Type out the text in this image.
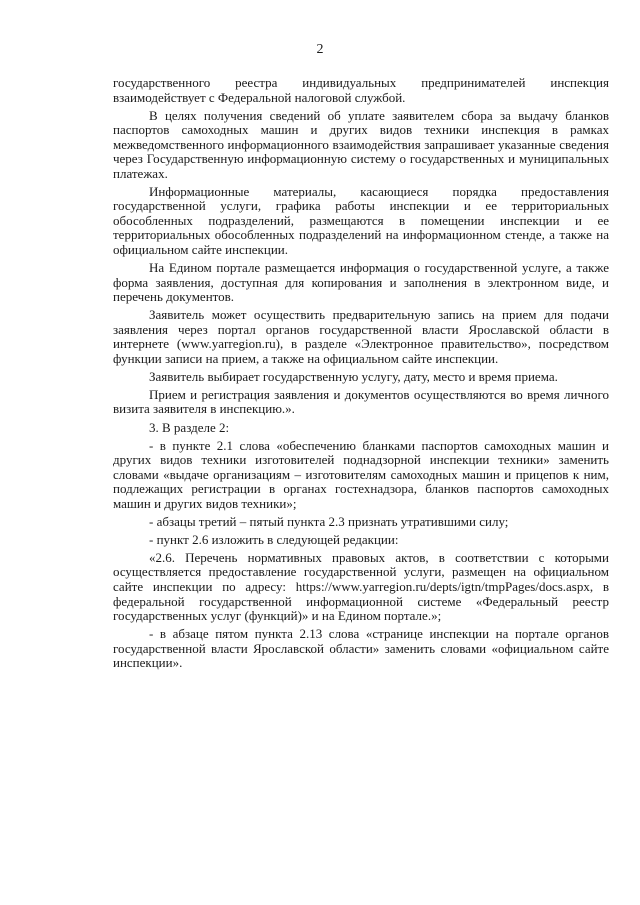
2

государственного реестра индивидуальных предпринимателей инспекция взаимодействует с Федеральной налоговой службой.

В целях получения сведений об уплате заявителем сбора за выдачу бланков паспортов самоходных машин и других видов техники инспекция в рамках межведомственного информационного взаимодействия запрашивает указанные сведения через Государственную информационную систему о государственных и муниципальных платежах.

Информационные материалы, касающиеся порядка предоставления государственной услуги, графика работы инспекции и ее территориальных обособленных подразделений, размещаются в помещении инспекции и ее территориальных обособленных подразделений на информационном стенде, а также на официальном сайте инспекции.

На Едином портале размещается информация о государственной услуге, а также форма заявления, доступная для копирования и заполнения в электронном виде, и перечень документов.

Заявитель может осуществить предварительную запись на прием для подачи заявления через портал органов государственной власти Ярославской области в интернете (www.yarregion.ru), в разделе «Электронное правительство», посредством функции записи на прием, а также на официальном сайте инспекции.

Заявитель выбирает государственную услугу, дату, место и время приема.

Прием и регистрация заявления и документов осуществляются во время личного визита заявителя в инспекцию.».

3. В разделе 2:

- в пункте 2.1 слова «обеспечению бланками паспортов самоходных машин и других видов техники изготовителей поднадзорной инспекции техники» заменить словами «выдаче организациям – изготовителям самоходных машин и прицепов к ним, подлежащих регистрации в органах гостехнадзора, бланков паспортов самоходных машин и других видов техники»;

- абзацы третий – пятый пункта 2.3 признать утратившими силу;

- пункт 2.6 изложить в следующей редакции:

«2.6. Перечень нормативных правовых актов, в соответствии с которыми осуществляется предоставление государственной услуги, размещен на официальном сайте инспекции по адресу: https://www.yarregion.ru/depts/igtn/tmpPages/docs.aspx, в федеральной государственной информационной системе «Федеральный реестр государственных услуг (функций)» и на Едином портале.»;

- в абзаце пятом пункта 2.13 слова «странице инспекции на портале органов государственной власти Ярославской области» заменить словами «официальном сайте инспекции».
